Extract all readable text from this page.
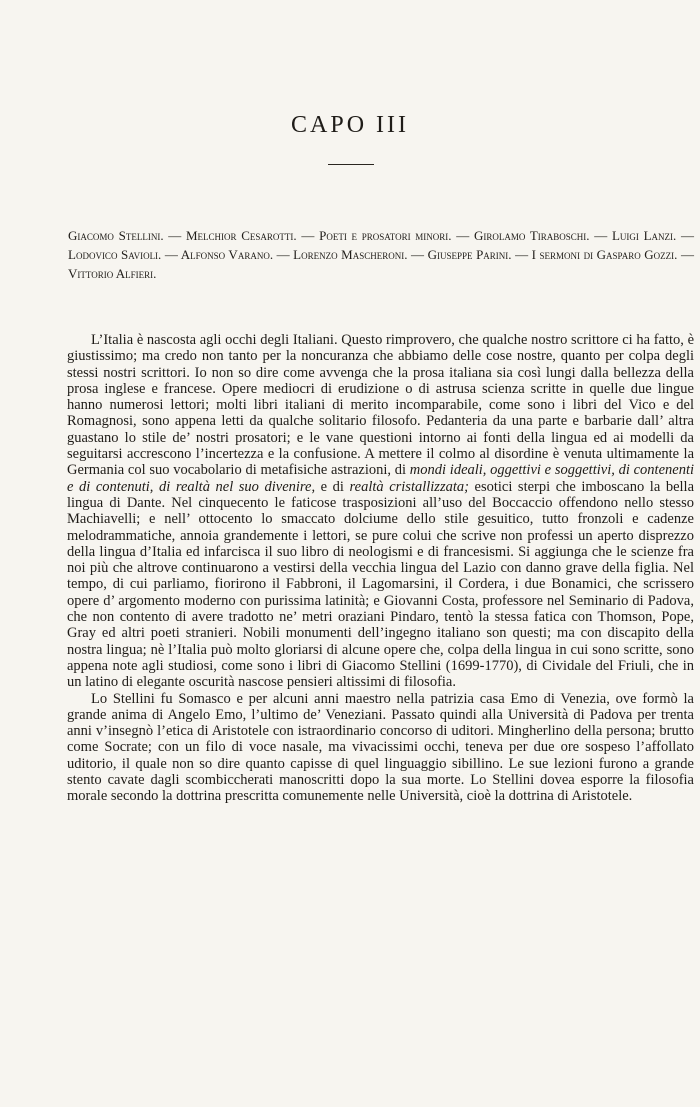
CAPO III

Giacomo Stellini. — Melchior Cesarotti. — Poeti e prosatori minori. — Girolamo Tiraboschi. — Luigi Lanzi. — Lodovico Savioli. — Alfonso Varano. — Lorenzo Mascheroni. — Giuseppe Parini. — I sermoni di Gasparo Gozzi. — Vittorio Alfieri.

L’Italia è nascosta agli occhi degli Italiani. Questo rimprovero, che qualche nostro scrittore ci ha fatto, è giustissimo; ma credo non tanto per la noncuranza che abbiamo delle cose nostre, quanto per colpa degli stessi nostri scrittori. Io non so dire come avvenga che la prosa italiana sia così lungi dalla bellezza della prosa inglese e francese. Opere mediocri di erudizione o di astrusa scienza scritte in quelle due lingue hanno numerosi lettori; molti libri italiani di merito incomparabile, come sono i libri del Vico e del Romagnosi, sono appena letti da qualche solitario filosofo. Pedanteria da una parte e barbarie dall’ altra guastano lo stile de’ nostri prosatori; e le vane questioni intorno ai fonti della lingua ed ai modelli da seguitarsi accrescono l’incertezza e la confusione. A mettere il colmo al disordine è venuta ultimamente la Germania col suo vocabolario di metafisiche astrazioni, di mondi ideali, oggettivi e soggettivi, di contenenti e di contenuti, di realtà nel suo divenire, e di realtà cristallizzata; esotici sterpi che imboscano la bella lingua di Dante. Nel cinquecento le faticose trasposizioni all’uso del Boccaccio offendono nello stesso Machiavelli; e nell’ ottocento lo smaccato dolciume dello stile gesuitico, tutto fronzoli e cadenze melodrammatiche, annoia grandemente i lettori, se pure colui che scrive non professi un aperto disprezzo della lingua d’Italia ed infarcisca il suo libro di neologismi e di francesismi. Si aggiunga che le scienze fra noi più che altrove continuarono a vestirsi della vecchia lingua del Lazio con danno grave della figlia. Nel tempo, di cui parliamo, fiorirono il Fabbroni, il Lagomarsini, il Cordera, i due Bonamici, che scrissero opere d’ argomento moderno con purissima latinità; e Giovanni Costa, professore nel Seminario di Padova, che non contento di avere tradotto ne’ metri oraziani Pindaro, tentò la stessa fatica con Thomson, Pope, Gray ed altri poeti stranieri. Nobili monumenti dell’ingegno italiano son questi; ma con discapito della nostra lingua; nè l’Italia può molto gloriarsi di alcune opere che, colpa della lingua in cui sono scritte, sono appena note agli studiosi, come sono i libri di Giacomo Stellini (1699-1770), di Cividale del Friuli, che in un latino di elegante oscurità nascose pensieri altissimi di filosofia.

Lo Stellini fu Somasco e per alcuni anni maestro nella patrizia casa Emo di Venezia, ove formò la grande anima di Angelo Emo, l’ultimo de’ Veneziani. Passato quindi alla Università di Padova per trenta anni v’insegnò l’etica di Aristotele con istraordinario concorso di uditori. Mingherlino della persona; brutto come Socrate; con un filo di voce nasale, ma vivacissimi occhi, teneva per due ore sospeso l’affollato uditorio, il quale non so dire quanto capisse di quel linguaggio sibillino. Le sue lezioni furono a grande stento cavate dagli scombiccherati manoscritti dopo la sua morte. Lo Stellini dovea esporre la filosofia morale secondo la dottrina prescritta comunemente nelle Università, cioè la dottrina di Aristotele.
